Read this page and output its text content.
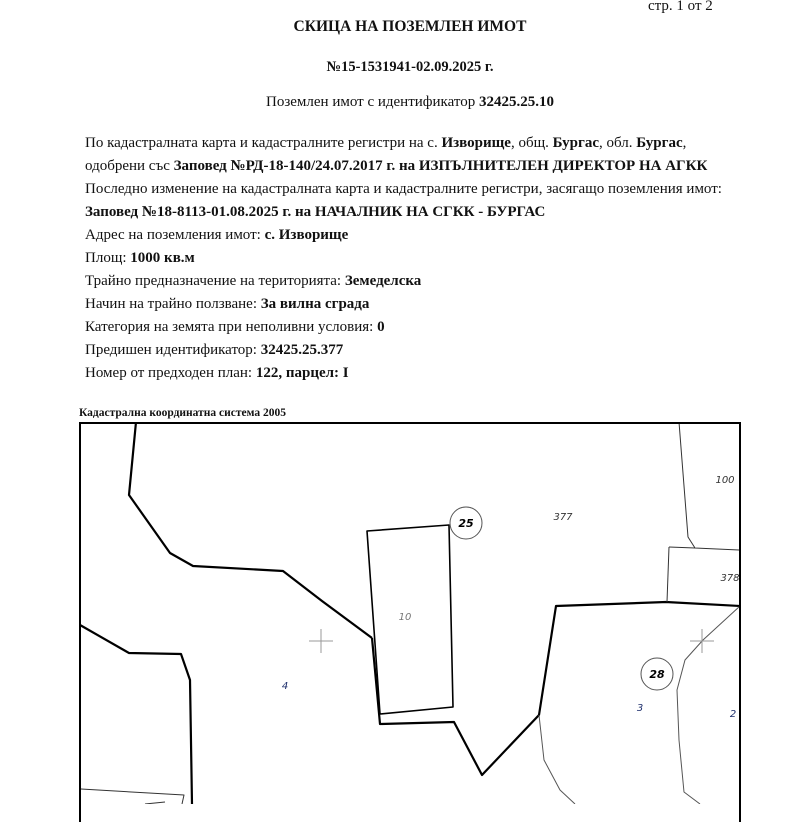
стр. 1 от 2
СКИЦА НА ПОЗЕМЛЕН ИМОТ
№15-1531941-02.09.2025 г.
Поземлен имот с идентификатор 32425.25.10

По кадастралната карта и кадастралните регистри на с. Изворище, общ. Бургас, обл. Бургас, одобрени със Заповед №РД-18-140/24.07.2017 г. на ИЗПЪЛНИТЕЛЕН ДИРЕКТОР НА АГКК

Последно изменение на кадастралната карта и кадастралните регистри, засягащо поземления имот: Заповед №18-8113-01.08.2025 г. на НАЧАЛНИК НА СГКК - БУРГАС

Адрес на поземления имот: с. Изворище

Площ: 1000 кв.м

Трайно предназначение на територията: Земеделска

Начин на трайно ползване: За вилна сграда

Категория на земята при неполивни условия: 0

Предишен идентификатор: 32425.25.377

Номер от предходен план: 122, парцел: I

Кадастрална координатна система 2005
25
28
377
100
378
10
4
3
2
